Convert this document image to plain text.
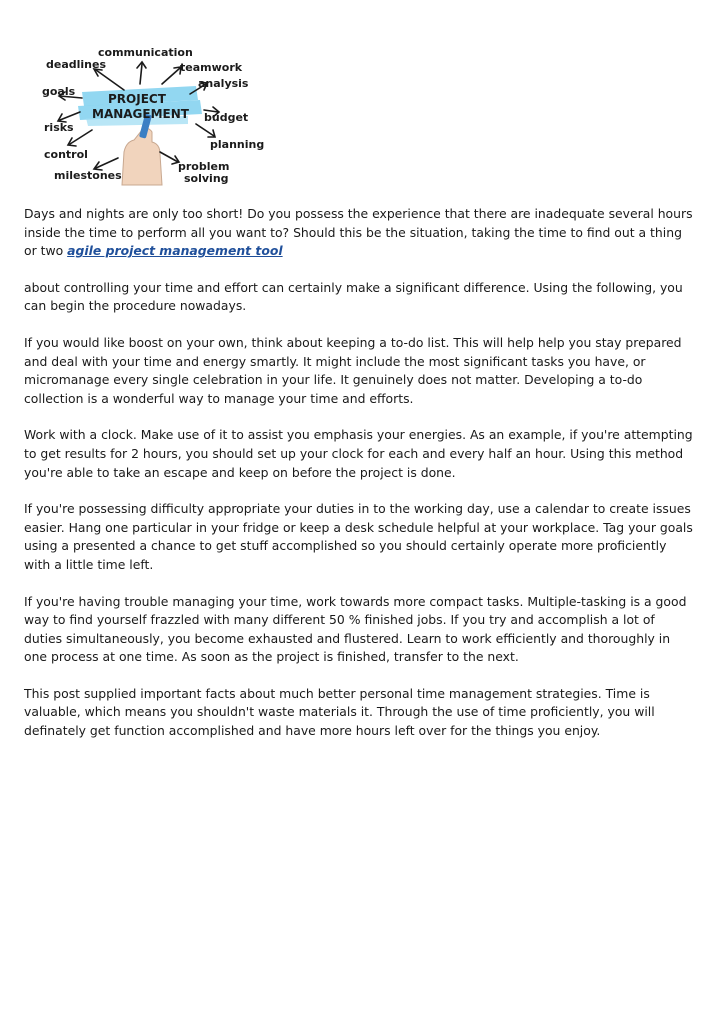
PROJECT
MANAGEMENT
communication
deadlines	teamwork
analysis
goals
budget
risks
planning
control
problem
solving
milestones

Days and nights are only too short! Do you possess the experience that there are inadequate several hours inside the time to perform all you want to? Should this be the situation, taking the time to find out a thing or two agile project management tool

about controlling your time and effort can certainly make a significant difference. Using the following, you can begin the procedure nowadays.

If you would like boost on your own, think about keeping a to-do list. This will help help you stay prepared and deal with your time and energy smartly. It might include the most significant tasks you have, or micromanage every single celebration in your life. It genuinely does not matter. Developing a to-do collection is a wonderful way to manage your time and efforts.

Work with a clock. Make use of it to assist you emphasis your energies. As an example, if you're attempting to get results for 2 hours, you should set up your clock for each and every half an hour. Using this method you're able to take an escape and keep on before the project is done.

If you're possessing difficulty appropriate your duties in to the working day, use a calendar to create issues easier. Hang one particular in your fridge or keep a desk schedule helpful at your workplace. Tag your goals using a presented a chance to get stuff accomplished so you should certainly operate more proficiently with a little time left.

If you're having trouble managing your time, work towards more compact tasks. Multiple-tasking is a good way to find yourself frazzled with many different 50 % finished jobs. If you try and accomplish a lot of duties simultaneously, you become exhausted and flustered. Learn to work efficiently and thoroughly in one process at one time. As soon as the project is finished, transfer to the next.

This post supplied important facts about much better personal time management strategies. Time is valuable, which means you shouldn't waste materials it. Through the use of time proficiently, you will definately get function accomplished and have more hours left over for the things you enjoy.
